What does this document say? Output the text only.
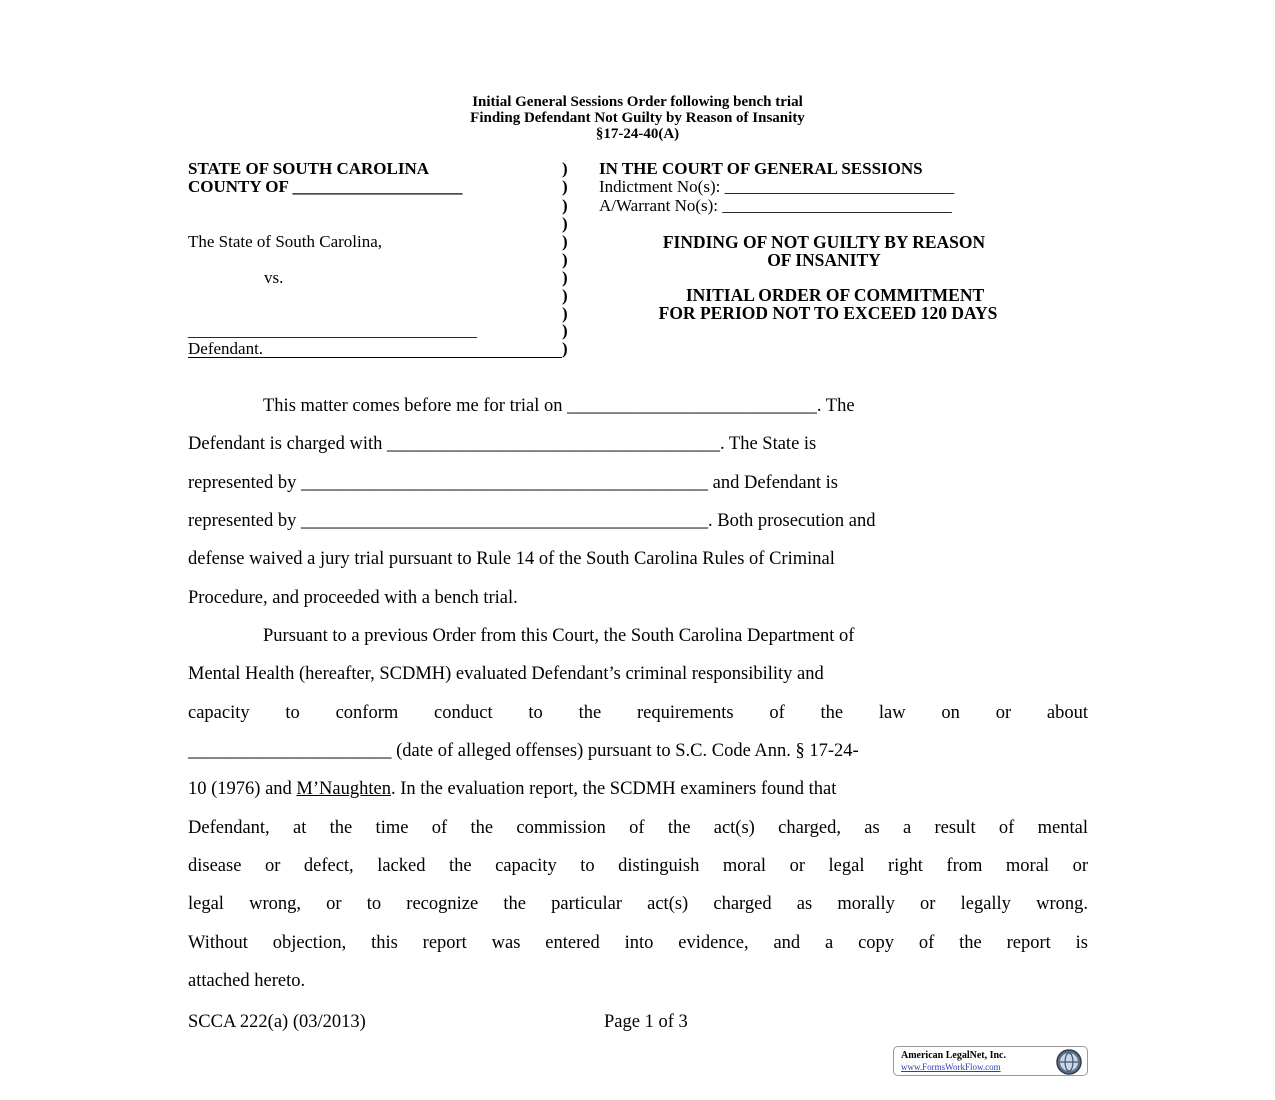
Initial General Sessions Order following bench trial
Finding Defendant Not Guilty by Reason of Insanity
§17-24-40(A)
STATE OF SOUTH CAROLINA
COUNTY OF ____________________
The State of South Carolina,
vs.
__________________________________
Defendant.
)
)
)
)
)
)
)
)
)
)
)
IN THE COURT OF GENERAL SESSIONS
Indictment No(s): ___________________________
A/Warrant No(s): ___________________________
FINDING OF NOT GUILTY BY REASON
OF INSANITY
INITIAL ORDER OF COMMITMENT
FOR PERIOD NOT TO EXCEED 120 DAYS
This matter comes before me for trial on ___________________________. The
Defendant is charged with ____________________________________. The State is
represented by ____________________________________________ and Defendant is
represented by ____________________________________________. Both prosecution and
defense waived a jury trial pursuant to Rule 14 of the South Carolina Rules of Criminal
Procedure, and proceeded with a bench trial.
Pursuant to a previous Order from this Court, the South Carolina Department of
Mental Health (hereafter, SCDMH) evaluated Defendant’s criminal responsibility and
capacity to conform conduct to the requirements of the law on or about
______________________ (date of alleged offenses) pursuant to S.C. Code Ann. § 17-24-
10 (1976) and M’Naughten. In the evaluation report, the SCDMH examiners found that
Defendant, at the time of the commission of the act(s) charged, as a result of mental
disease or defect, lacked the capacity to distinguish moral or legal right from moral or
legal wrong, or to recognize the particular act(s) charged as morally or legally wrong.
Without objection, this report was entered into evidence, and a copy of the report is
attached hereto.
SCCA 222(a) (03/2013)	Page 1 of 3
American LegalNet, Inc.
www.FormsWorkFlow.com
